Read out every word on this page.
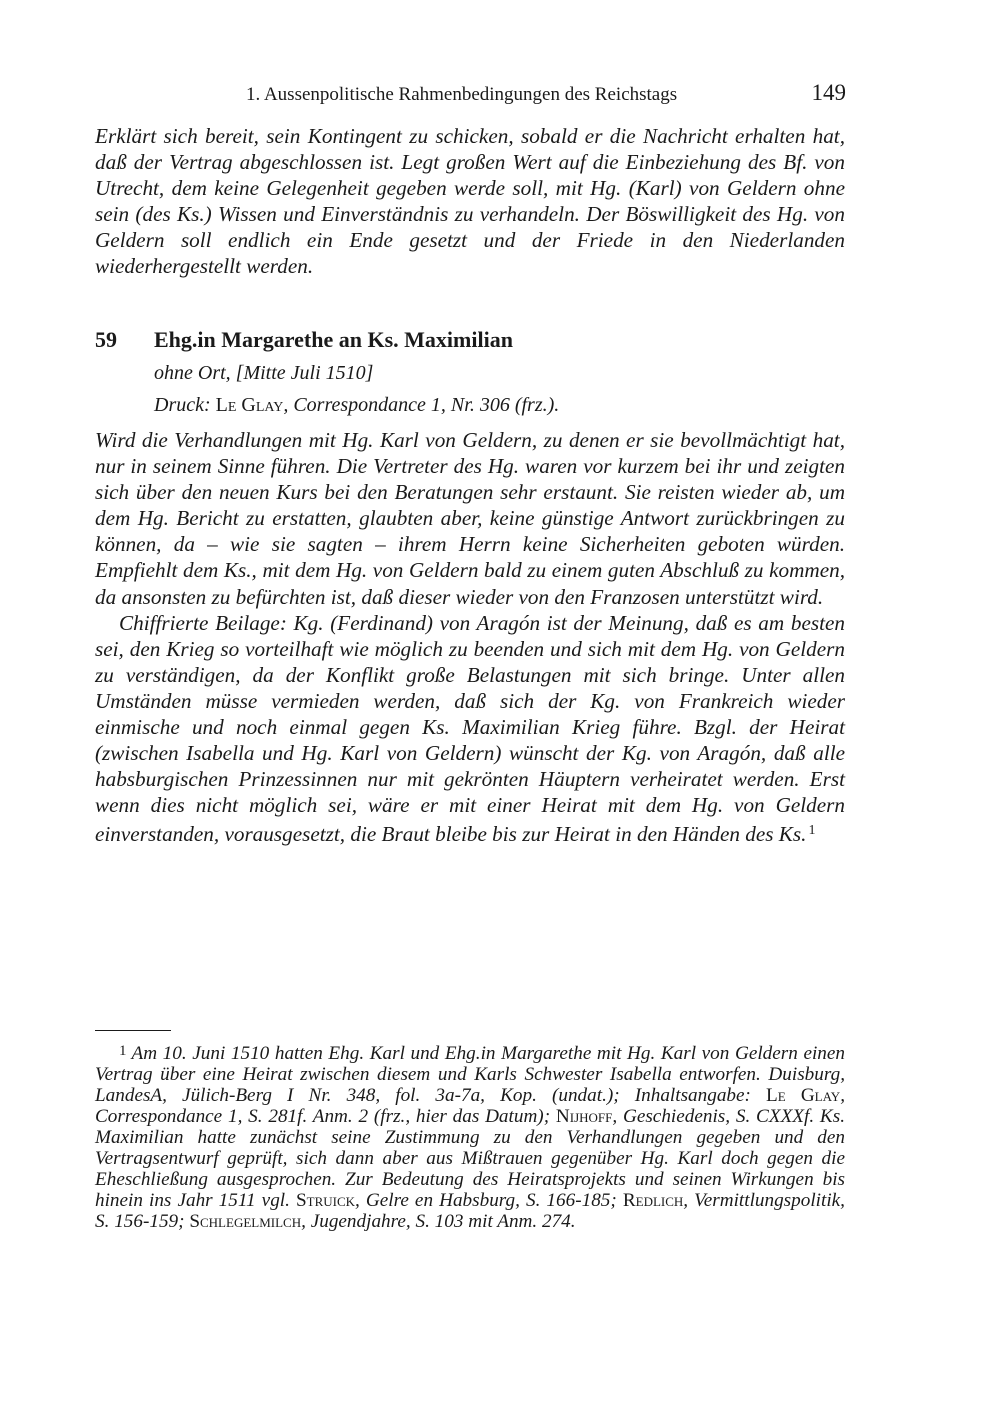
1. Aussenpolitische Rahmenbedingungen des Reichstags	149

Erklärt sich bereit, sein Kontingent zu schicken, sobald er die Nachricht erhalten hat, daß der Vertrag abgeschlossen ist. Legt großen Wert auf die Einbeziehung des Bf. von Utrecht, dem keine Gelegenheit gegeben werde soll, mit Hg. (Karl) von Geldern ohne sein (des Ks.) Wissen und Einverständnis zu verhandeln. Der Böswilligkeit des Hg. von Geldern soll endlich ein Ende gesetzt und der Friede in den Niederlanden wiederhergestellt werden.

59 Ehg.in Margarethe an Ks. Maximilian
ohne Ort, [Mitte Juli 1510]
Druck: Le Glay, Correspondance 1, Nr. 306 (frz.).

Wird die Verhandlungen mit Hg. Karl von Geldern, zu denen er sie bevollmächtigt hat, nur in seinem Sinne führen. Die Vertreter des Hg. waren vor kurzem bei ihr und zeigten sich über den neuen Kurs bei den Beratungen sehr erstaunt. Sie reisten wieder ab, um dem Hg. Bericht zu erstatten, glaubten aber, keine günstige Antwort zurückbringen zu können, da – wie sie sagten – ihrem Herrn keine Sicherheiten geboten würden. Empfiehlt dem Ks., mit dem Hg. von Geldern bald zu einem guten Abschluß zu kommen, da ansonsten zu befürchten ist, daß dieser wieder von den Franzosen unterstützt wird.

Chiffrierte Beilage: Kg. (Ferdinand) von Aragón ist der Meinung, daß es am besten sei, den Krieg so vorteilhaft wie möglich zu beenden und sich mit dem Hg. von Geldern zu verständigen, da der Konflikt große Belastungen mit sich bringe. Unter allen Umständen müsse vermieden werden, daß sich der Kg. von Frankreich wieder einmische und noch einmal gegen Ks. Maximilian Krieg führe. Bzgl. der Heirat (zwischen Isabella und Hg. Karl von Geldern) wünscht der Kg. von Aragón, daß alle habsburgischen Prinzessinnen nur mit gekrönten Häuptern verheiratet werden. Erst wenn dies nicht möglich sei, wäre er mit einer Heirat mit dem Hg. von Geldern einverstanden, vorausgesetzt, die Braut bleibe bis zur Heirat in den Händen des Ks. $^1$

$^1$ Am 10. Juni 1510 hatten Ehg. Karl und Ehg.in Margarethe mit Hg. Karl von Geldern einen Vertrag über eine Heirat zwischen diesem und Karls Schwester Isabella entworfen. Duisburg, LandesA, Jülich-Berg I Nr. 348, fol. 3a-7a, Kop. (undat.); Inhaltsangabe: Le Glay, Correspondance 1, S. 281f. Anm. 2 (frz., hier das Datum); Nijhoff, Geschiedenis, S. CXXXf. Ks. Maximilian hatte zunächst seine Zustimmung zu den Verhandlungen gegeben und den Vertragsentwurf geprüft, sich dann aber aus Mißtrauen gegenüber Hg. Karl doch gegen die Eheschließung ausgesprochen. Zur Bedeutung des Heiratsprojekts und seinen Wirkungen bis hinein ins Jahr 1511 vgl. Struick, Gelre en Habsburg, S. 166-185; Redlich, Vermittlungspolitik, S. 156-159; Schlegelmilch, Jugendjahre, S. 103 mit Anm. 274.
